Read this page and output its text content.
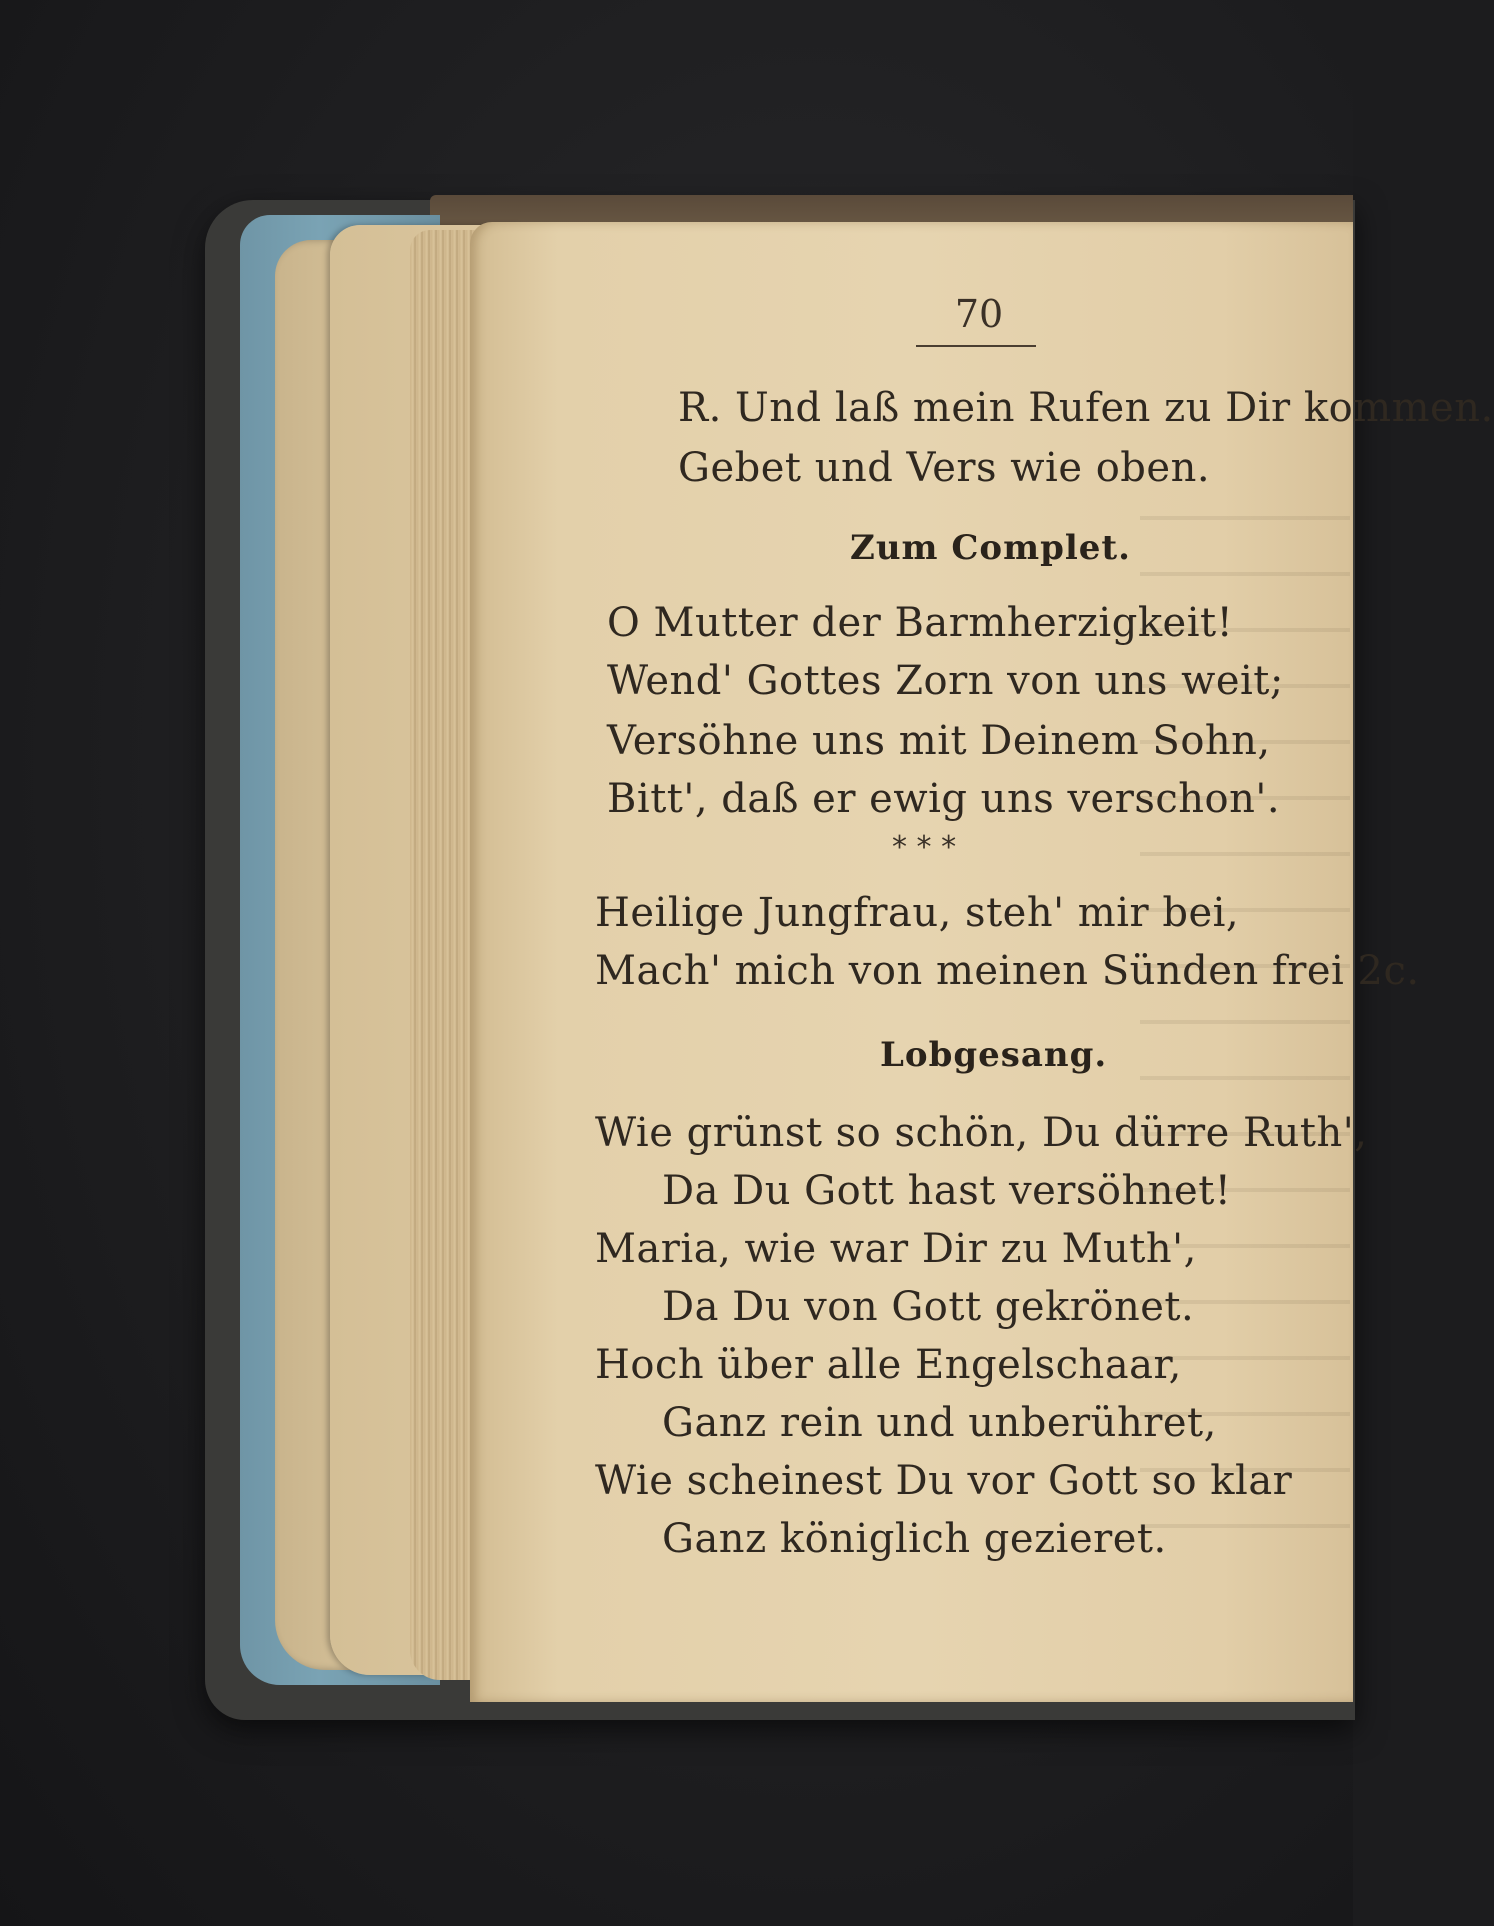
70
R. Und laß mein Rufen zu Dir kommen.
Gebet und Vers wie oben.
Zum Complet.
O Mutter der Barmherzigkeit!
Wend' Gottes Zorn von uns weit;
Versöhne uns mit Deinem Sohn,
Bitt', daß er ewig uns verschon'.
* * *
Heilige Jungfrau, steh' mir bei,
Mach' mich von meinen Sünden frei 2c.
Lobgesang.
Wie grünst so schön, Du dürre Ruth',
Da Du Gott hast versöhnet!
Maria, wie war Dir zu Muth',
Da Du von Gott gekrönet.
Hoch über alle Engelschaar,
Ganz rein und unberühret,
Wie scheinest Du vor Gott so klar
Ganz königlich gezieret.
